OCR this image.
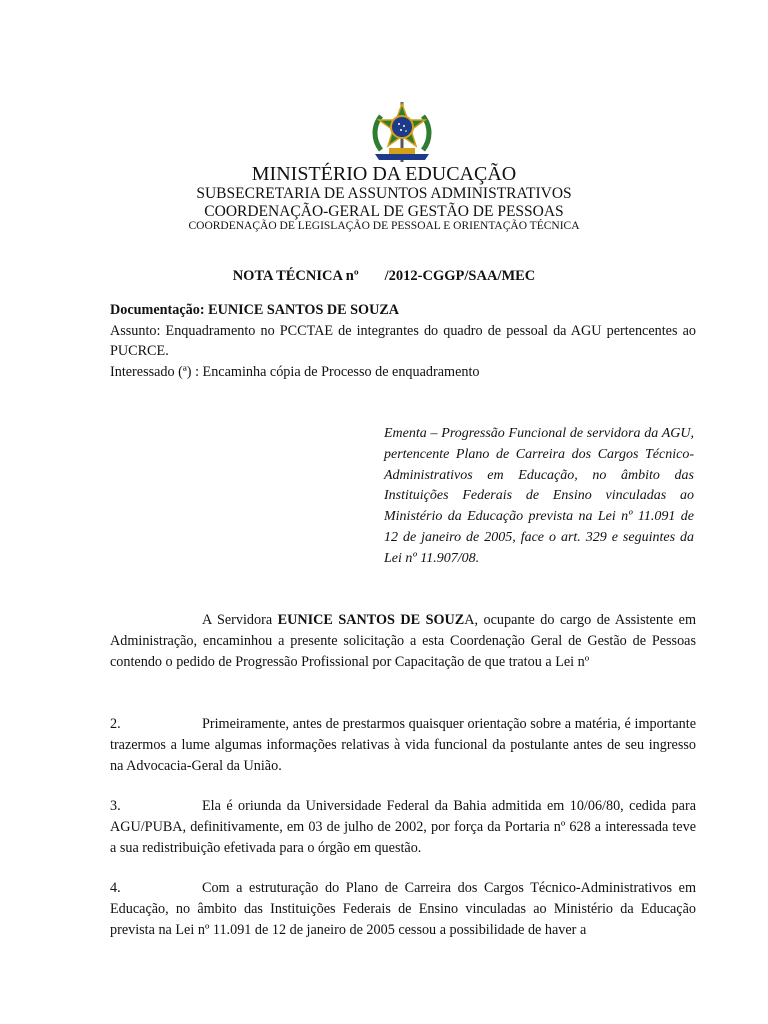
MINISTÉRIO DA EDUCAÇÃO
SUBSECRETARIA DE ASSUNTOS ADMINISTRATIVOS
COORDENAÇÃO-GERAL DE GESTÃO DE PESSOAS
COORDENAÇÃO DE LEGISLAÇÃO DE PESSOAL E ORIENTAÇÃO TÉCNICA
NOTA TÉCNICA nº /2012-CGGP/SAA/MEC
Documentação: EUNICE SANTOS DE SOUZA
Assunto: Enquadramento no PCCTAE de integrantes do quadro de pessoal da AGU pertencentes ao PUCRCE.
Interessado (ª) : Encaminha cópia de Processo de enquadramento
Ementa – Progressão Funcional de servidora da AGU, pertencente Plano de Carreira dos Cargos Técnico-Administrativos em Educação, no âmbito das Instituições Federais de Ensino vinculadas ao Ministério da Educação prevista na Lei nº 11.091 de 12 de janeiro de 2005, face o art. 329 e seguintes da Lei nº 11.907/08.
A Servidora EUNICE SANTOS DE SOUZA, ocupante do cargo de Assistente em Administração, encaminhou a presente solicitação a esta Coordenação Geral de Gestão de Pessoas contendo o pedido de Progressão Profissional por Capacitação de que tratou a Lei nº
2.	Primeiramente, antes de prestarmos quaisquer orientação sobre a matéria, é importante trazermos a lume algumas informações relativas à vida funcional da postulante antes de seu ingresso na Advocacia-Geral da União.
3.	Ela é oriunda da Universidade Federal da Bahia admitida em 10/06/80, cedida para AGU/PUBA, definitivamente, em 03 de julho de 2002, por força da Portaria nº 628 a interessada teve a sua redistribuição efetivada para o órgão em questão.
4.	Com a estruturação do Plano de Carreira dos Cargos Técnico-Administrativos em Educação, no âmbito das Instituições Federais de Ensino vinculadas ao Ministério da Educação prevista na Lei nº 11.091 de 12 de janeiro de 2005 cessou a possibilidade de haver a
